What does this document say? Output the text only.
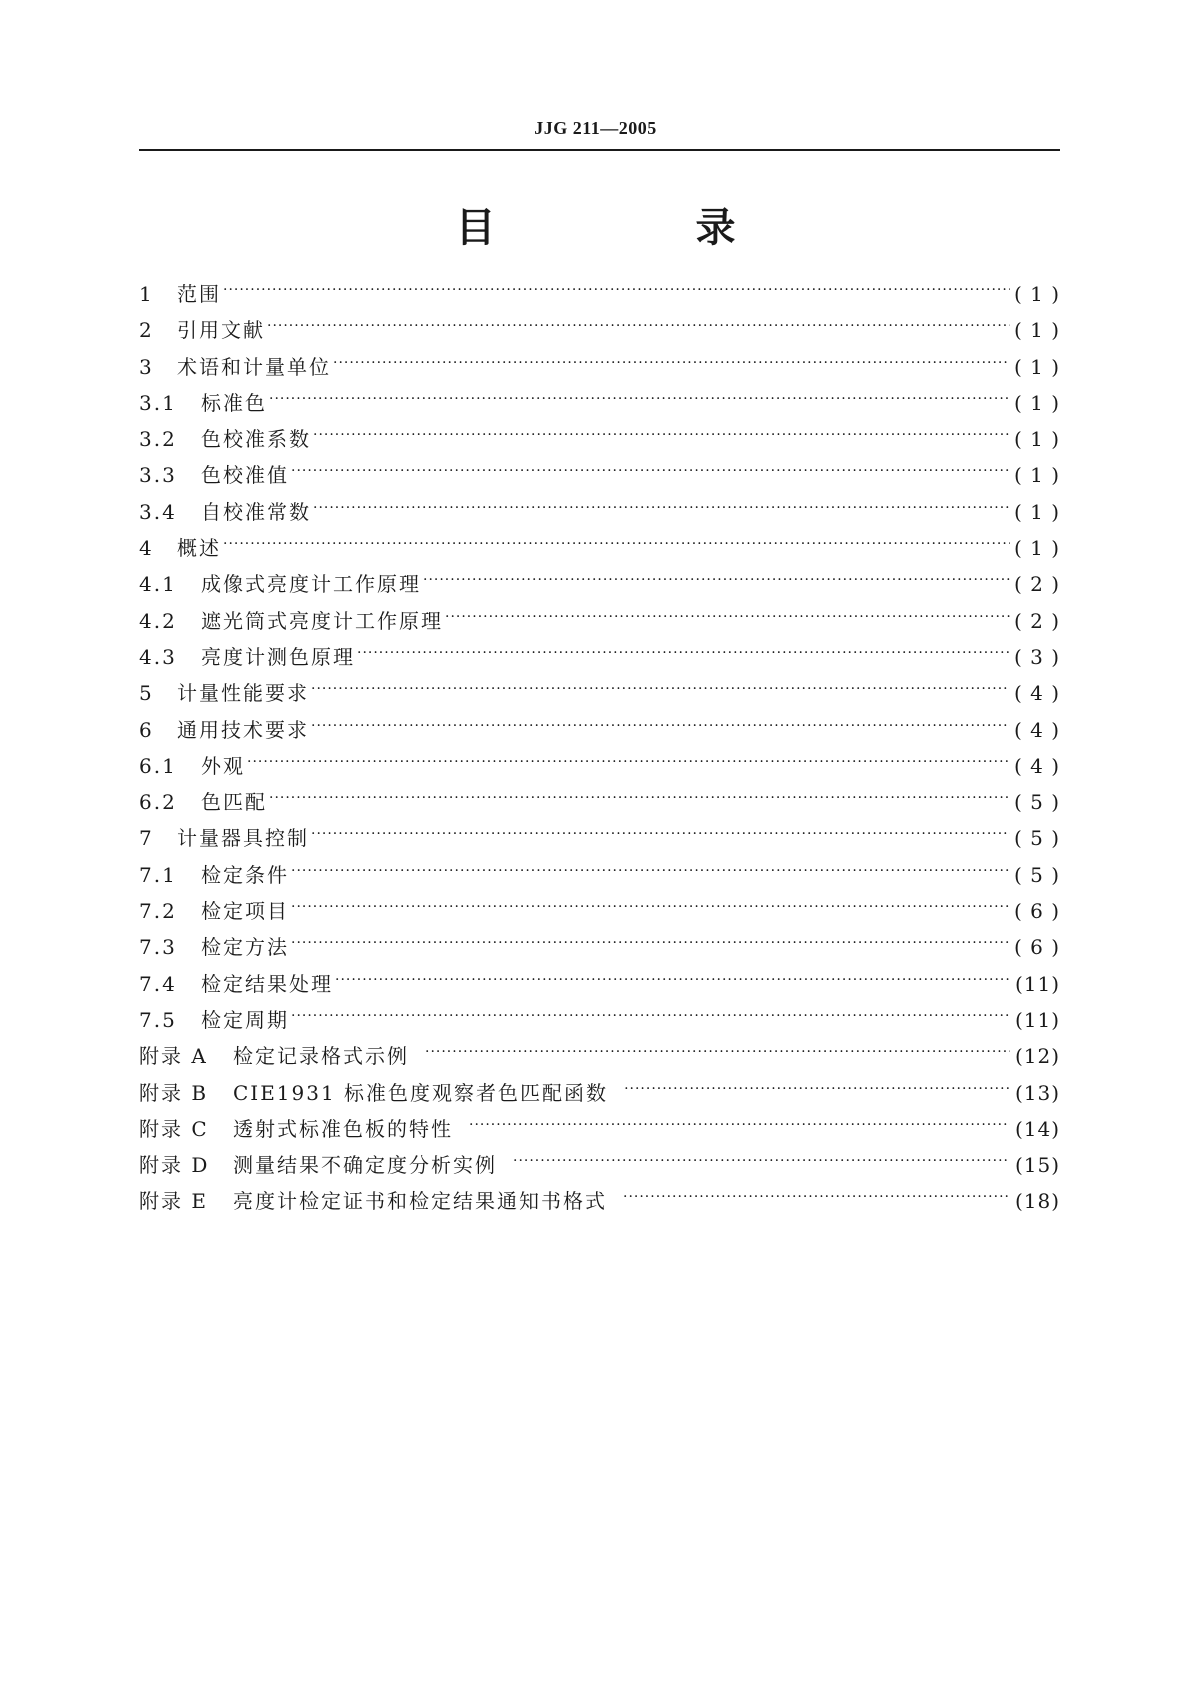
JJG 211—2005
目　录
1	范围 ·····	( 1 )
2	引用文献 ·····	( 1 )
3	术语和计量单位 ·····	( 1 )
3.1	标准色 ·····	( 1 )
3.2	色校准系数 ·····	( 1 )
3.3	色校准值 ·····	( 1 )
3.4	自校准常数 ·····	( 1 )
4	概述 ·····	( 1 )
4.1	成像式亮度计工作原理 ·····	( 2 )
4.2	遮光筒式亮度计工作原理 ·····	( 2 )
4.3	亮度计测色原理 ·····	( 3 )
5	计量性能要求 ·····	( 4 )
6	通用技术要求 ·····	( 4 )
6.1	外观 ·····	( 4 )
6.2	色匹配 ·····	( 5 )
7	计量器具控制 ·····	( 5 )
7.1	检定条件 ·····	( 5 )
7.2	检定项目 ·····	( 6 )
7.3	检定方法 ·····	( 6 )
7.4	检定结果处理 ·····	(11)
7.5	检定周期 ·····	(11)
附录 A	检定记录格式示例 ·····	(12)
附录 B	CIE1931 标准色度观察者色匹配函数 ·····	(13)
附录 C	透射式标准色板的特性 ·····	(14)
附录 D	测量结果不确定度分析实例 ·····	(15)
附录 E	亮度计检定证书和检定结果通知书格式 ·····	(18)
